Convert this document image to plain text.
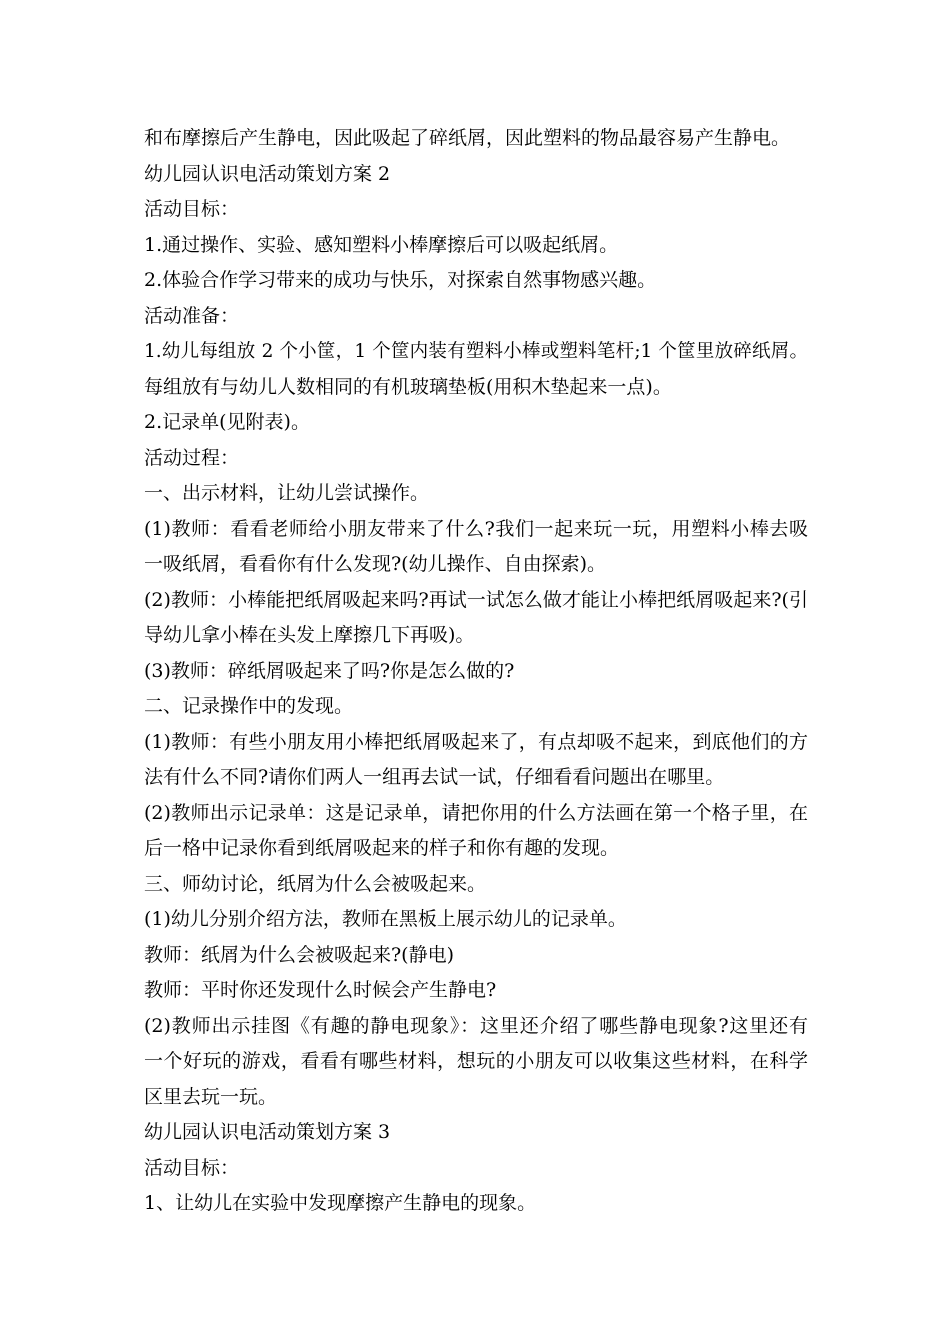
和布摩擦后产生静电，因此吸起了碎纸屑，因此塑料的物品最容易产生静电。
幼儿园认识电活动策划方案 2
活动目标：
1.通过操作、实验、感知塑料小棒摩擦后可以吸起纸屑。
2.体验合作学习带来的成功与快乐，对探索自然事物感兴趣。
活动准备：
1.幼儿每组放 2 个小筐，1 个筐内装有塑料小棒或塑料笔杆;1 个筐里放碎纸屑。
每组放有与幼儿人数相同的有机玻璃垫板(用积木垫起来一点)。
2.记录单(见附表)。
活动过程：
一、出示材料，让幼儿尝试操作。
(1)教师：看看老师给小朋友带来了什么?我们一起来玩一玩，用塑料小棒去吸
一吸纸屑，看看你有什么发现?(幼儿操作、自由探索)。
(2)教师：小棒能把纸屑吸起来吗?再试一试怎么做才能让小棒把纸屑吸起来?(引
导幼儿拿小棒在头发上摩擦几下再吸)。
(3)教师：碎纸屑吸起来了吗?你是怎么做的?
二、记录操作中的发现。
(1)教师：有些小朋友用小棒把纸屑吸起来了，有点却吸不起来，到底他们的方
法有什么不同?请你们两人一组再去试一试，仔细看看问题出在哪里。
(2)教师出示记录单：这是记录单，请把你用的什么方法画在第一个格子里，在
后一格中记录你看到纸屑吸起来的样子和你有趣的发现。
三、师幼讨论，纸屑为什么会被吸起来。
(1)幼儿分别介绍方法，教师在黑板上展示幼儿的记录单。
教师：纸屑为什么会被吸起来?(静电)
教师：平时你还发现什么时候会产生静电?
(2)教师出示挂图《有趣的静电现象》：这里还介绍了哪些静电现象?这里还有
一个好玩的游戏，看看有哪些材料，想玩的小朋友可以收集这些材料，在科学
区里去玩一玩。
幼儿园认识电活动策划方案 3
活动目标：
1、让幼儿在实验中发现摩擦产生静电的现象。
